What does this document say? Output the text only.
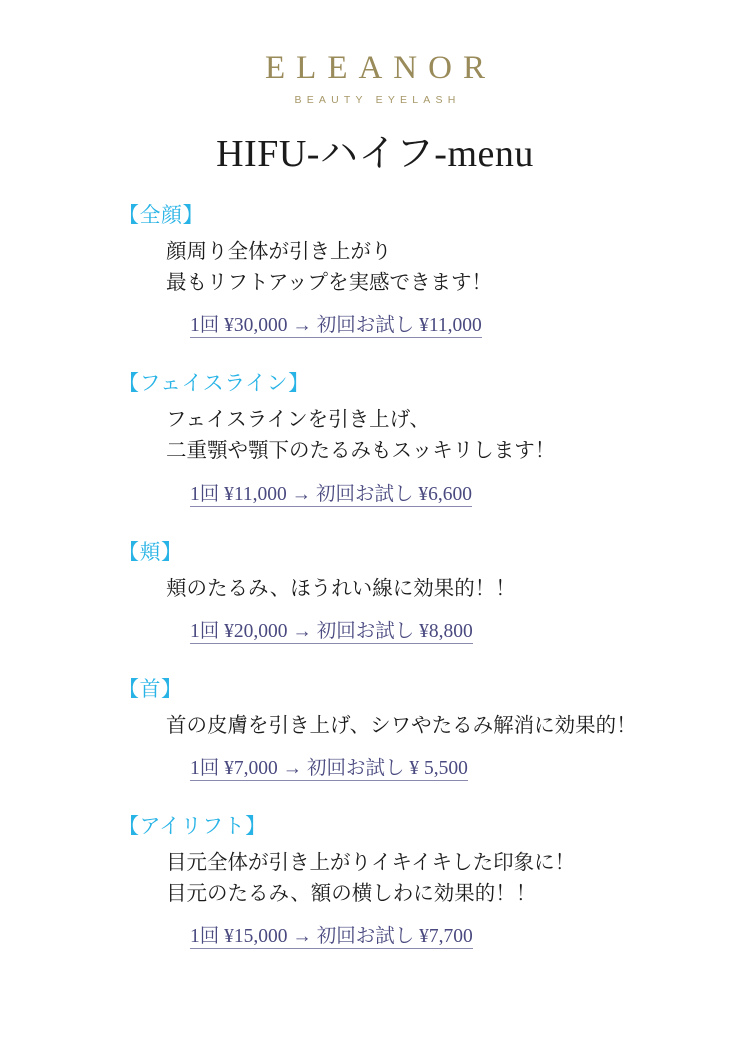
ELEANOR
BEAUTY EYELASH
HIFU-ハイフ-menu
【全顔】
顔周り全体が引き上がり
最もリフトアップを実感できます！
1回 ¥30,000 → 初回お試し ¥11,000
【フェイスライン】
フェイスラインを引き上げ、
二重顎や顎下のたるみもスッキリします！
1回 ¥11,000 → 初回お試し ¥6,600
【頬】
頬のたるみ、ほうれい線に効果的！！
1回 ¥20,000 → 初回お試し ¥8,800
【首】
首の皮膚を引き上げ、シワやたるみ解消に効果的！
1回 ¥7,000 → 初回お試し ¥ 5,500
【アイリフト】
目元全体が引き上がりイキイキした印象に！
目元のたるみ、額の横しわに効果的！！
1回 ¥15,000 → 初回お試し ¥7,700
